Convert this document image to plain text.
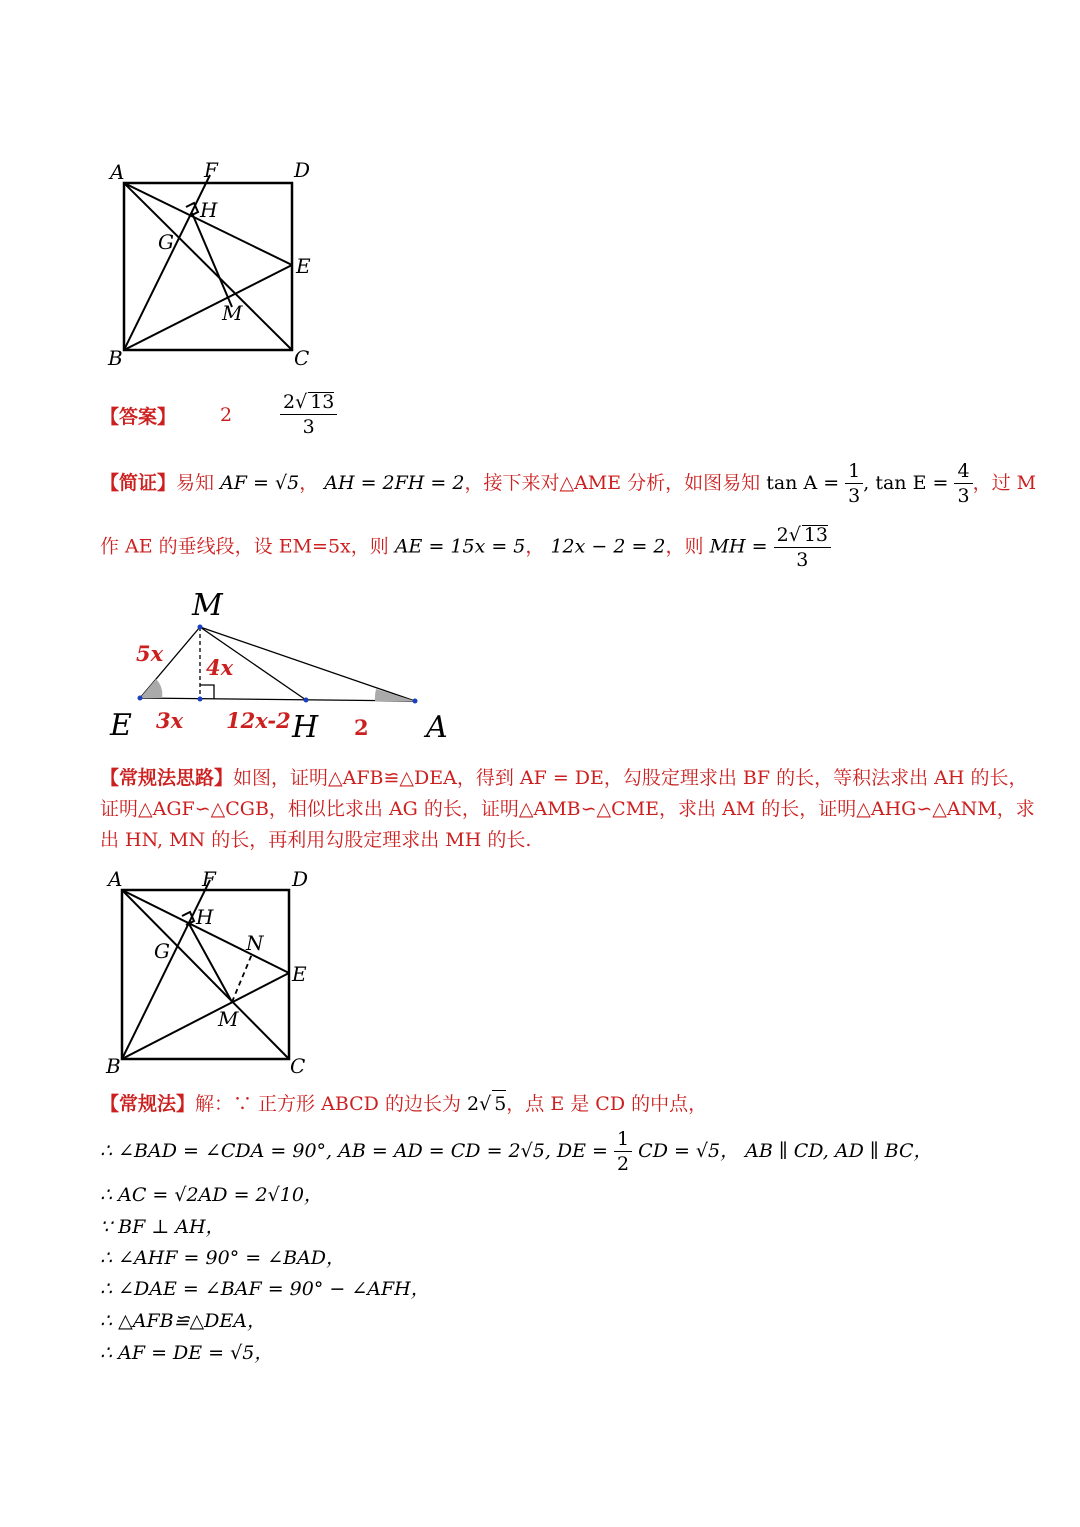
A	F	D
H
G
E
M
B	C
【答案】 2	$\frac{2√ 13}{3}$
【简证】易知 AF = √5， AH = 2FH = 2，接下来对△AME 分析，如图易知 $\tan A = \frac{1}{3}$ , $\tan E = \frac{4}{3}$ ，过 M
作 AE 的垂线段，设 EM=5x，则 AE = 15x = 5， 12x − 2 = 2，则 MH = $\frac{2√ 13}{3}$
M
E	H	A
5x
4x
3x 12x-2	2
【常规法思路】如图，证明△AFB≌△DEA，得到 AF = DE，勾股定理求出 BF 的长，等积法求出 AH 的长，
证明△AGF∽△CGB，相似比求出 AG 的长，证明△AMB∽△CME，求出 AM 的长，证明△AHG∽△ANM，求
出 HN, MN 的长，再利用勾股定理求出 MH 的长.
A	F	D
H
G	N
E
M
B	C
【常规法】解：∵ 正方形 ABCD 的边长为 2√ 5，点 E 是 CD 的中点，
∴ ∠BAD = ∠CDA = 90°, AB = AD = CD = 2√5, DE = $\frac{1}{2}$ CD = √5， AB ∥ CD, AD ∥ BC，
∴ AC = √2AD = 2√10，
∵ BF ⊥ AH，
∴ ∠AHF = 90° = ∠BAD，
∴ ∠DAE = ∠BAF = 90° − ∠AFH，
∴ △AFB≌△DEA，
∴ AF = DE = √5，
